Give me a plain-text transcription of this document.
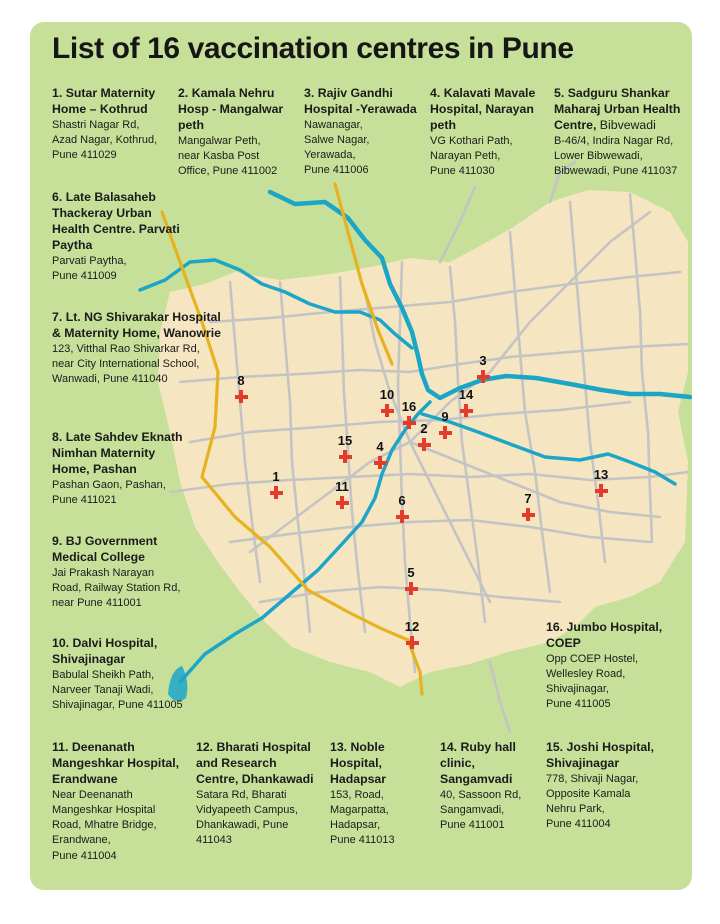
List of 16 vaccination centres in Pune
1. Sutar Maternity Home – Kothrud
Shastri Nagar Rd,
Azad Nagar, Kothrud,
Pune 411029
2. Kamala Nehru Hosp - Mangalwar peth
Mangalwar Peth,
near Kasba Post
Office, Pune 411002
3. Rajiv Gandhi Hospital -Yerawada
Nawanagar,
Salwe Nagar,
Yerawada,
Pune 411006
4. Kalavati Mavale Hospital, Narayan peth
VG Kothari Path,
Narayan Peth,
Pune 411030
5. Sadguru Shankar Maharaj Urban Health Centre, Bibvewadi
B-46/4, Indira Nagar Rd,
Lower Bibwewadi,
Bibwewadi, Pune 411037
6. Late Balasaheb Thackeray Urban Health Centre. Parvati Paytha
Parvati Paytha,
Pune 411009
7. Lt. NG Shivarakar Hospital & Maternity Home, Wanowrie
123, Vitthal Rao Shivarkar Rd,
near City International School,
Wanwadi, Pune 411040
8. Late Sahdev Eknath Nimhan Maternity Home, Pashan
Pashan Gaon, Pashan,
Pune 411021
9. BJ Government Medical College
Jai Prakash Narayan
Road, Railway Station Rd,
near Pune 411001
10. Dalvi Hospital, Shivajinagar
Babulal Sheikh Path,
Narveer Tanaji Wadi,
Shivajinagar, Pune 411005
16. Jumbo Hospital, COEP
Opp COEP Hostel,
Wellesley Road,
Shivajinagar,
Pune 411005
11. Deenanath Mangeshkar Hospital, Erandwane
Near Deenanath
Mangeshkar Hospital
Road, Mhatre Bridge,
Erandwane,
Pune 411004
12. Bharati Hospital and Research Centre, Dhankawadi
Satara Rd, Bharati
Vidyapeeth Campus,
Dhankawadi, Pune
411043
13. Noble Hospital, Hadapsar
153, Road,
Magarpatta,
Hadapsar,
Pune 411013
14. Ruby hall clinic, Sangamvadi
40, Sassoon Rd,
Sangamvadi,
Pune 411001
15. Joshi Hospital, Shivajinagar
778, Shivaji Nagar,
Opposite Kamala
Nehru Park,
Pune 411004
1
2
3
4
5
6	7
8
9
10
11
12
13
14
15
16
